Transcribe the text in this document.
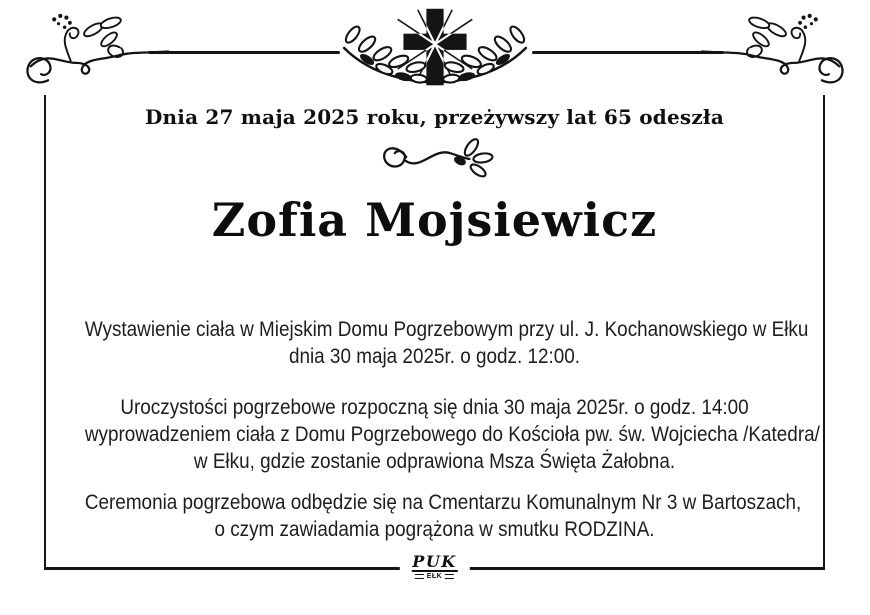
Dnia 27 maja 2025 roku, przeżywszy lat 65 odeszła
Zofia Mojsiewicz
Wystawienie ciała w Miejskim Domu Pogrzebowym przy ul. J. Kochanowskiego w Ełku
dnia 30 maja 2025r. o godz. 12:00.
Uroczystości pogrzebowe rozpoczną się dnia 30 maja 2025r. o godz. 14:00
wyprowadzeniem ciała z Domu Pogrzebowego do Kościoła pw. św. Wojciecha /Katedra/
w Ełku, gdzie zostanie odprawiona Msza Święta Żałobna.
Ceremonia pogrzebowa odbędzie się na Cmentarzu Komunalnym Nr 3 w Bartoszach,
o czym zawiadamia pogrążona w smutku RODZINA.
PUK
EŁK
